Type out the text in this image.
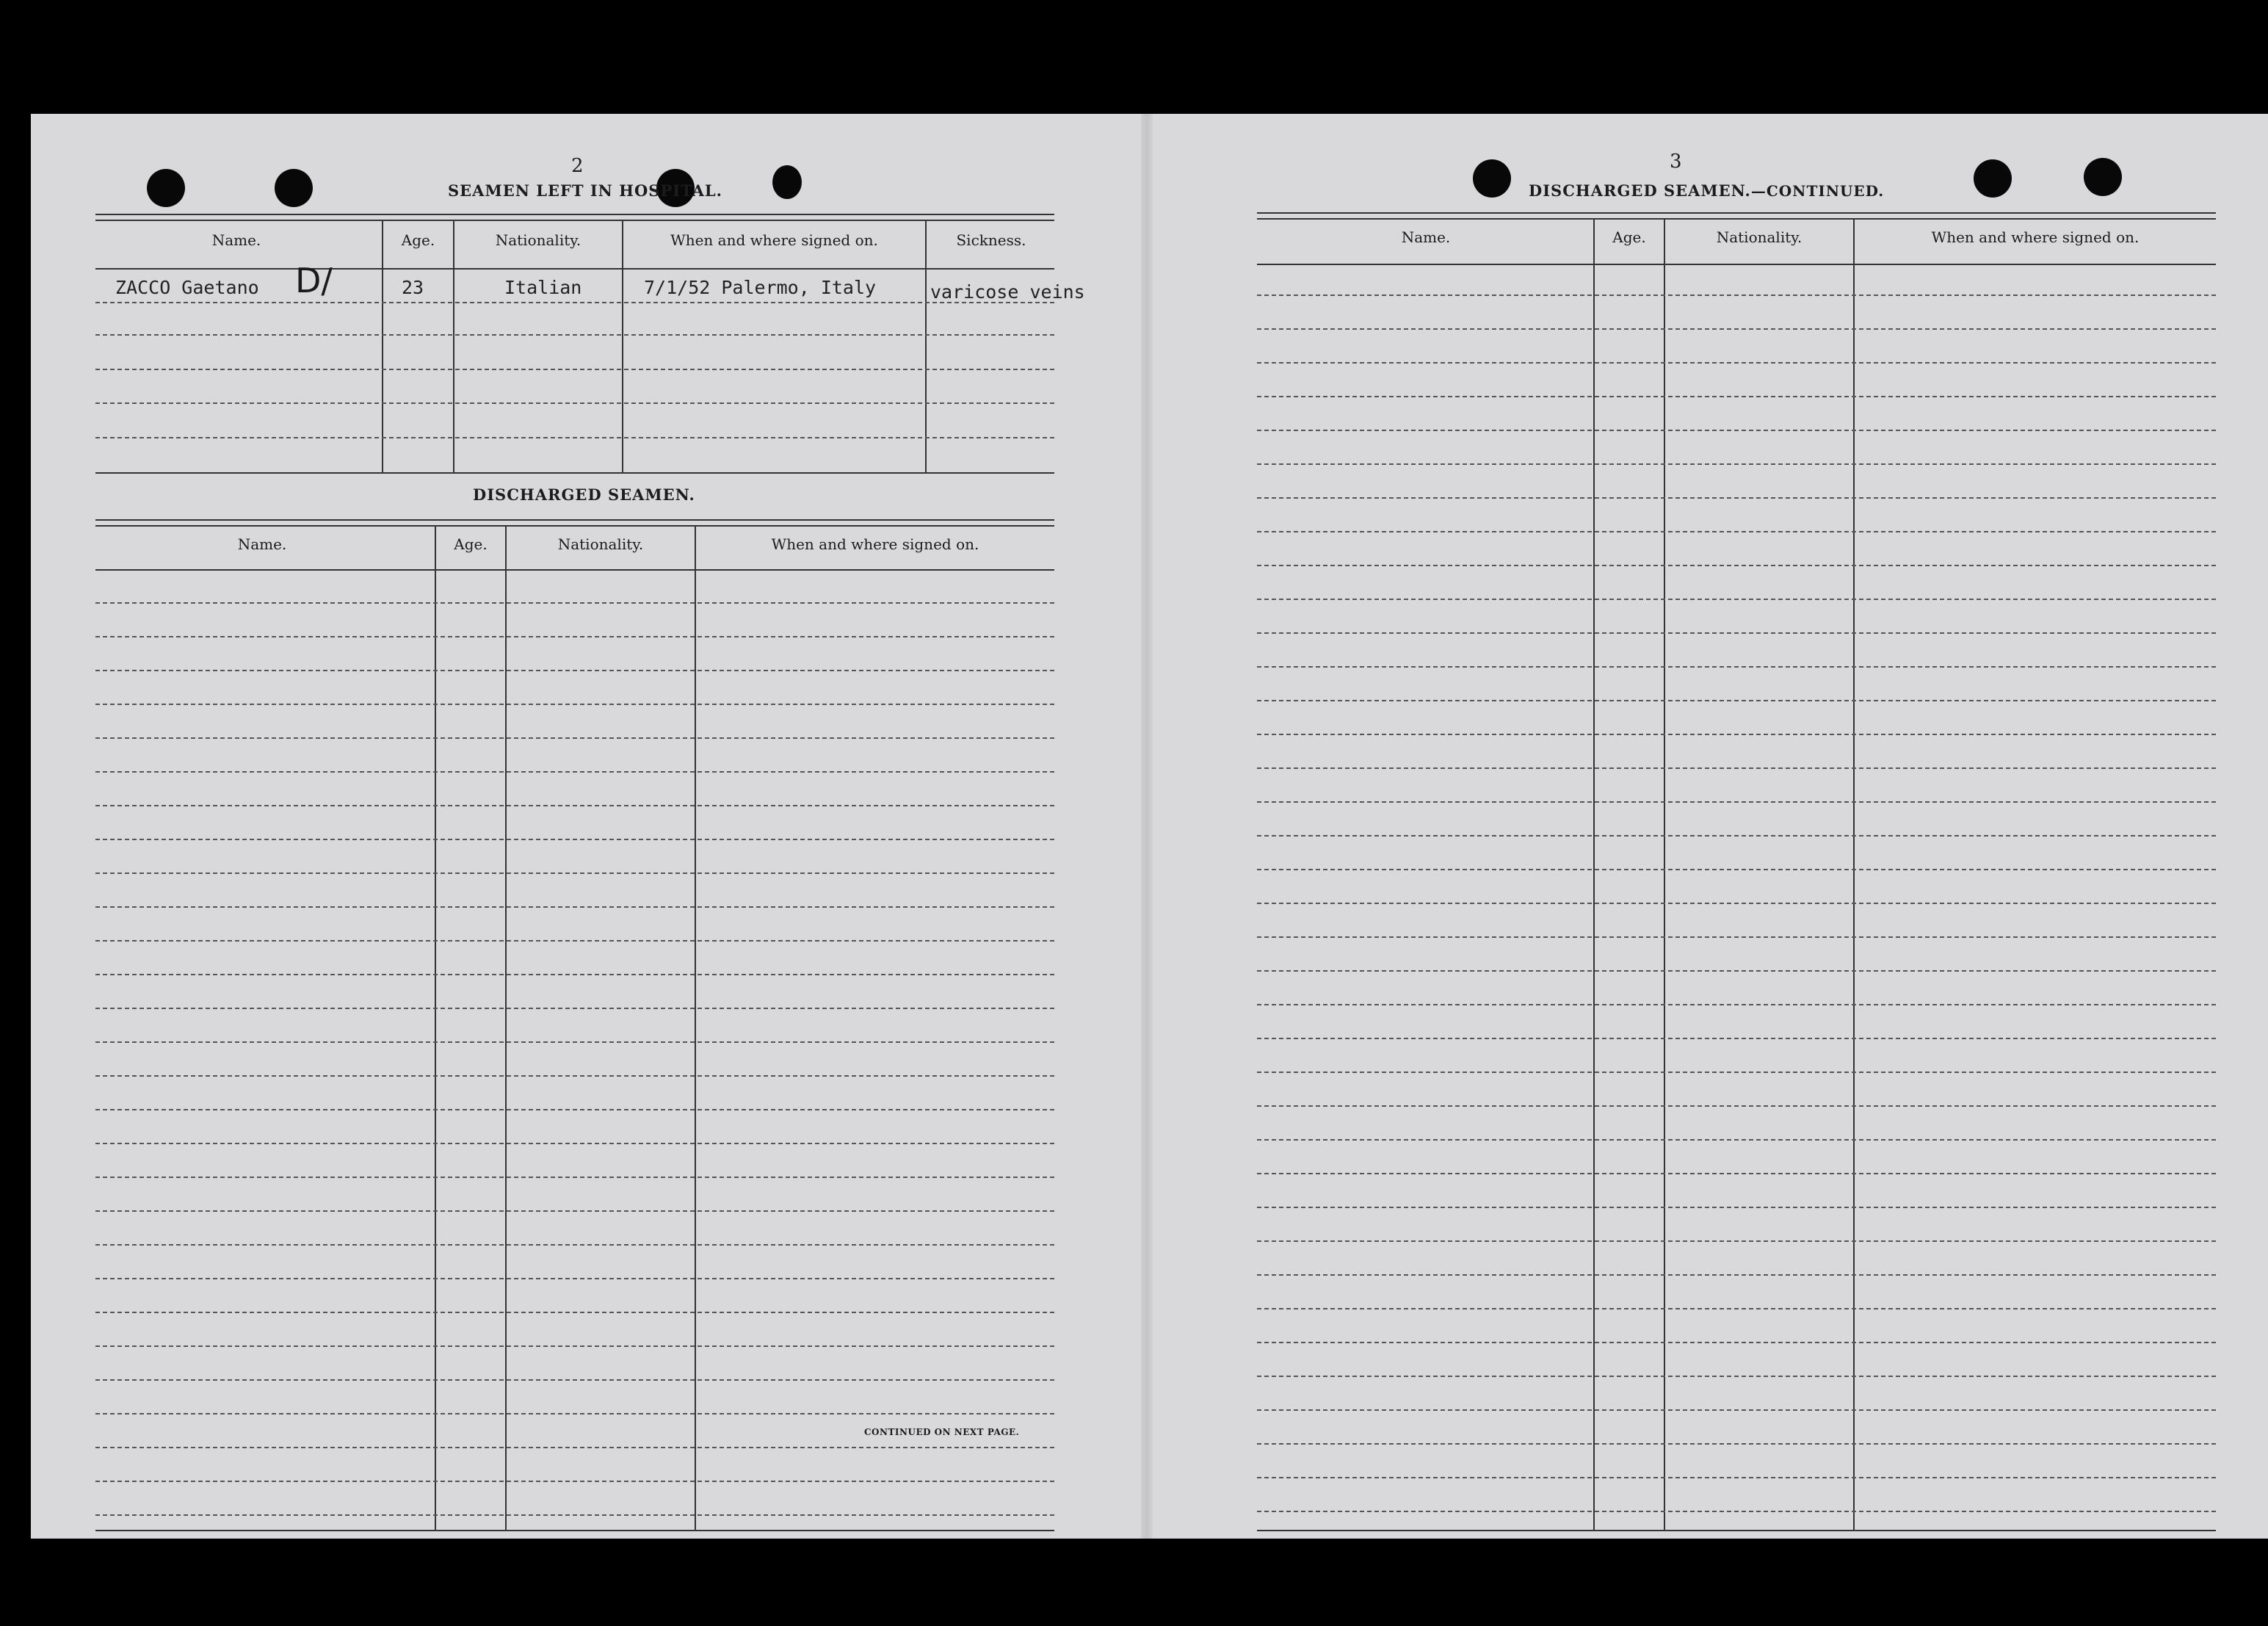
2
SEAMEN LEFT IN HOSPITAL.
Name.	Age.	Nationality.	When and where signed on.	Sickness.
ZACCO Gaetano D/	23	Italian	7/1/52 Palermo, Italy	varicose veins
DISCHARGED SEAMEN.
Name.	Age.	Nationality.	When and where signed on.
CONTINUED ON NEXT PAGE.
3
DISCHARGED SEAMEN.—CONTINUED.
Name.	Age.	Nationality.	When and where signed on.
